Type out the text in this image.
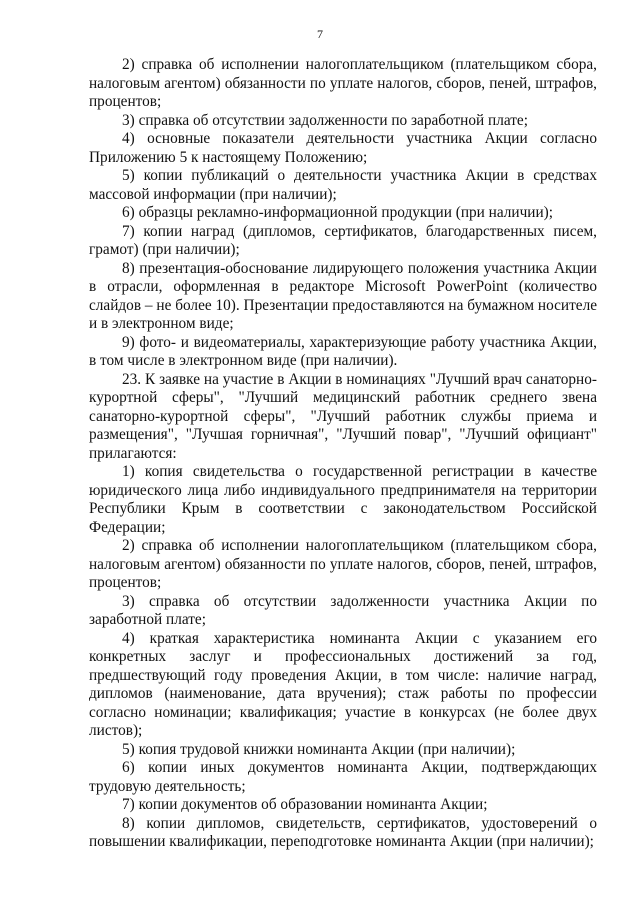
7

2) справка об исполнении налогоплательщиком (плательщиком сбора, налоговым агентом) обязанности по уплате налогов, сборов, пеней, штрафов, процентов;

3) справка об отсутствии задолженности по заработной плате;

4) основные показатели деятельности участника Акции согласно Приложению 5 к настоящему Положению;

5) копии публикаций о деятельности участника Акции в средствах массовой информации (при наличии);

6) образцы рекламно-информационной продукции (при наличии);

7) копии наград (дипломов, сертификатов, благодарственных писем, грамот) (при наличии);

8) презентация-обоснование лидирующего положения участника Акции в отрасли, оформленная в редакторе Microsoft PowerPoint (количество слайдов – не более 10). Презентации предоставляются на бумажном носителе и в электронном виде;

9) фото- и видеоматериалы, характеризующие работу участника Акции, в том числе в электронном виде (при наличии).

23. К заявке на участие в Акции в номинациях "Лучший врач санаторно-курортной сферы", "Лучший медицинский работник среднего звена санаторно-курортной сферы", "Лучший работник службы приема и размещения", "Лучшая горничная", "Лучший повар", "Лучший официант" прилагаются:

1) копия свидетельства о государственной регистрации в качестве юридического лица либо индивидуального предпринимателя на территории Республики Крым в соответствии с законодательством Российской Федерации;

2) справка об исполнении налогоплательщиком (плательщиком сбора, налоговым агентом) обязанности по уплате налогов, сборов, пеней, штрафов, процентов;

3) справка об отсутствии задолженности участника Акции по заработной плате;

4) краткая характеристика номинанта Акции с указанием его конкретных заслуг и профессиональных достижений за год, предшествующий году проведения Акции, в том числе: наличие наград, дипломов (наименование, дата вручения); стаж работы по профессии согласно номинации; квалификация; участие в конкурсах (не более двух листов);

5) копия трудовой книжки номинанта Акции (при наличии);

6) копии иных документов номинанта Акции, подтверждающих трудовую деятельность;

7) копии документов об образовании номинанта Акции;

8) копии дипломов, свидетельств, сертификатов, удостоверений о повышении квалификации, переподготовке номинанта Акции (при наличии);
